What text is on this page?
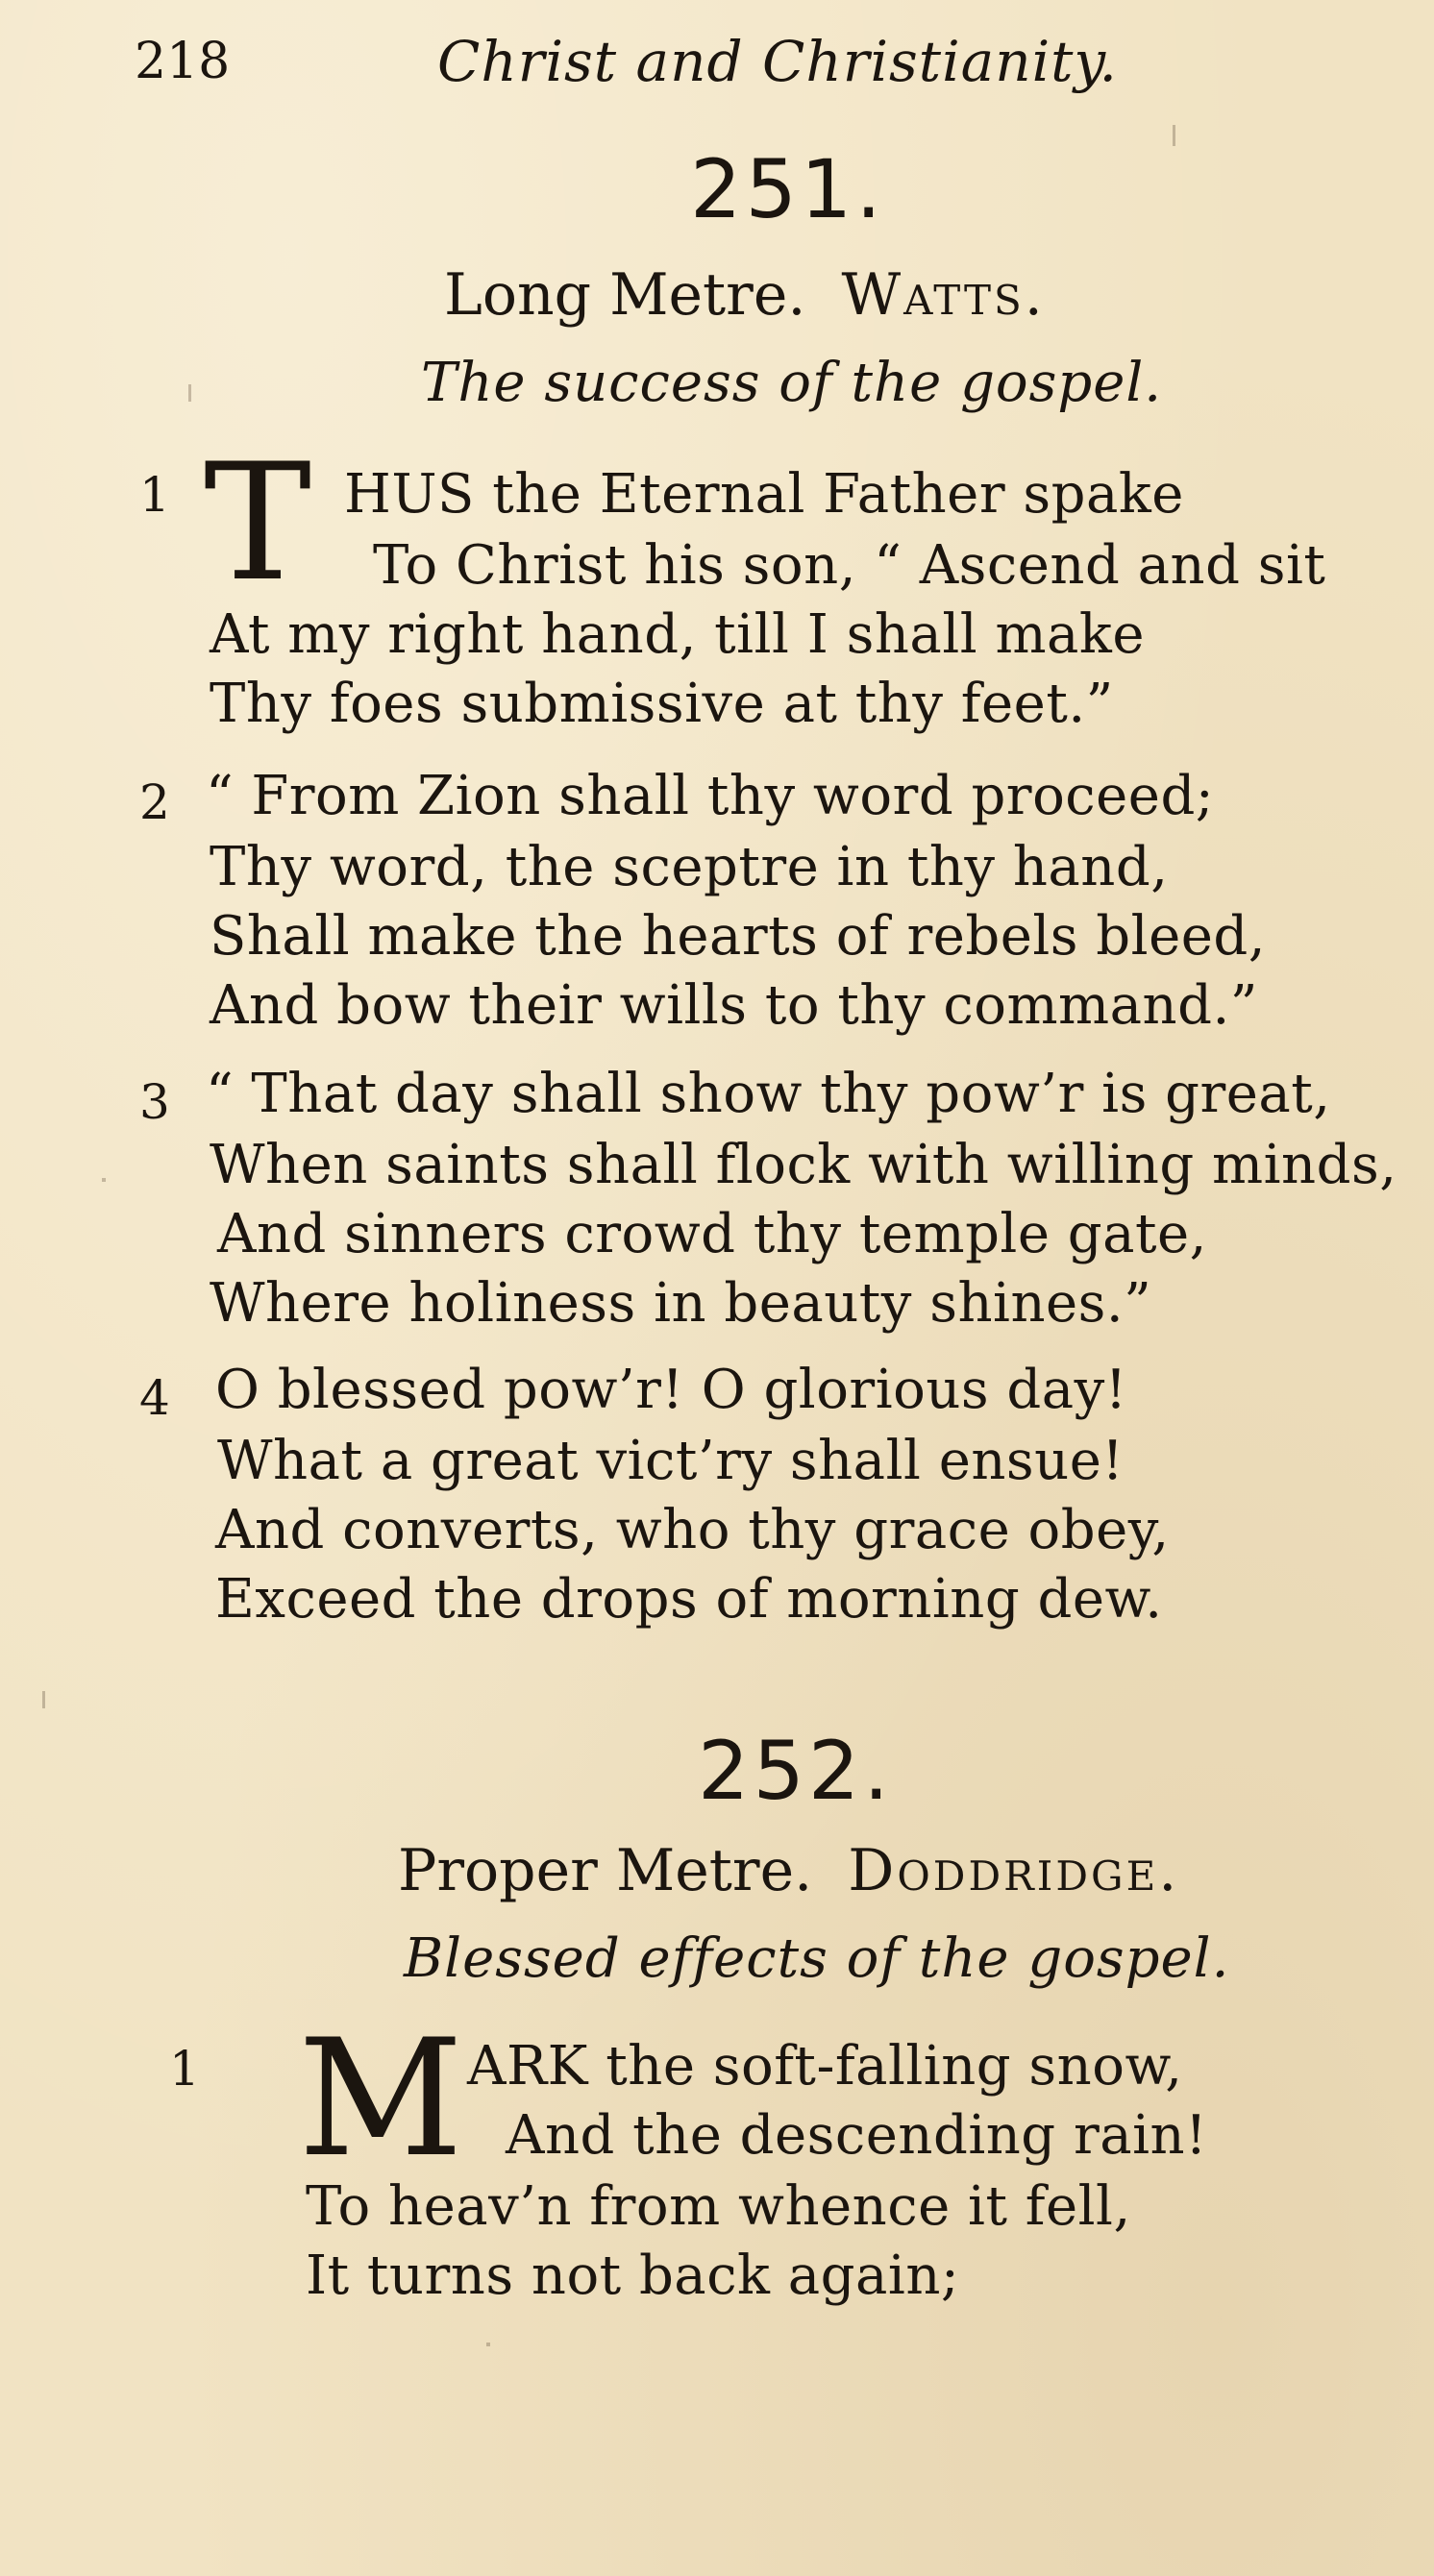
218	Christ and Christianity.
251.
Long Metre. Watts.
The success of the gospel.
1 T HUS the Eternal Father spake
To Christ his son, “ Ascend and sit
At my right hand, till I shall make
Thy foes submissive at thy feet.”
2 “ From Zion shall thy word proceed;
Thy word, the sceptre in thy hand,
Shall make the hearts of rebels bleed,
And bow their wills to thy command.”
3 “ That day shall show thy pow’r is great,
When saints shall flock with willing minds,
And sinners crowd thy temple gate,
Where holiness in beauty shines.”
4 O blessed pow’r! O glorious day!
What a great vict’ry shall ensue!
And converts, who thy grace obey,
Exceed the drops of morning dew.
252.
Proper Metre. Doddridge.
Blessed effects of the gospel.
1 M ARK the soft-falling snow,
And the descending rain!
To heav’n from whence it fell,
It turns not back again;
